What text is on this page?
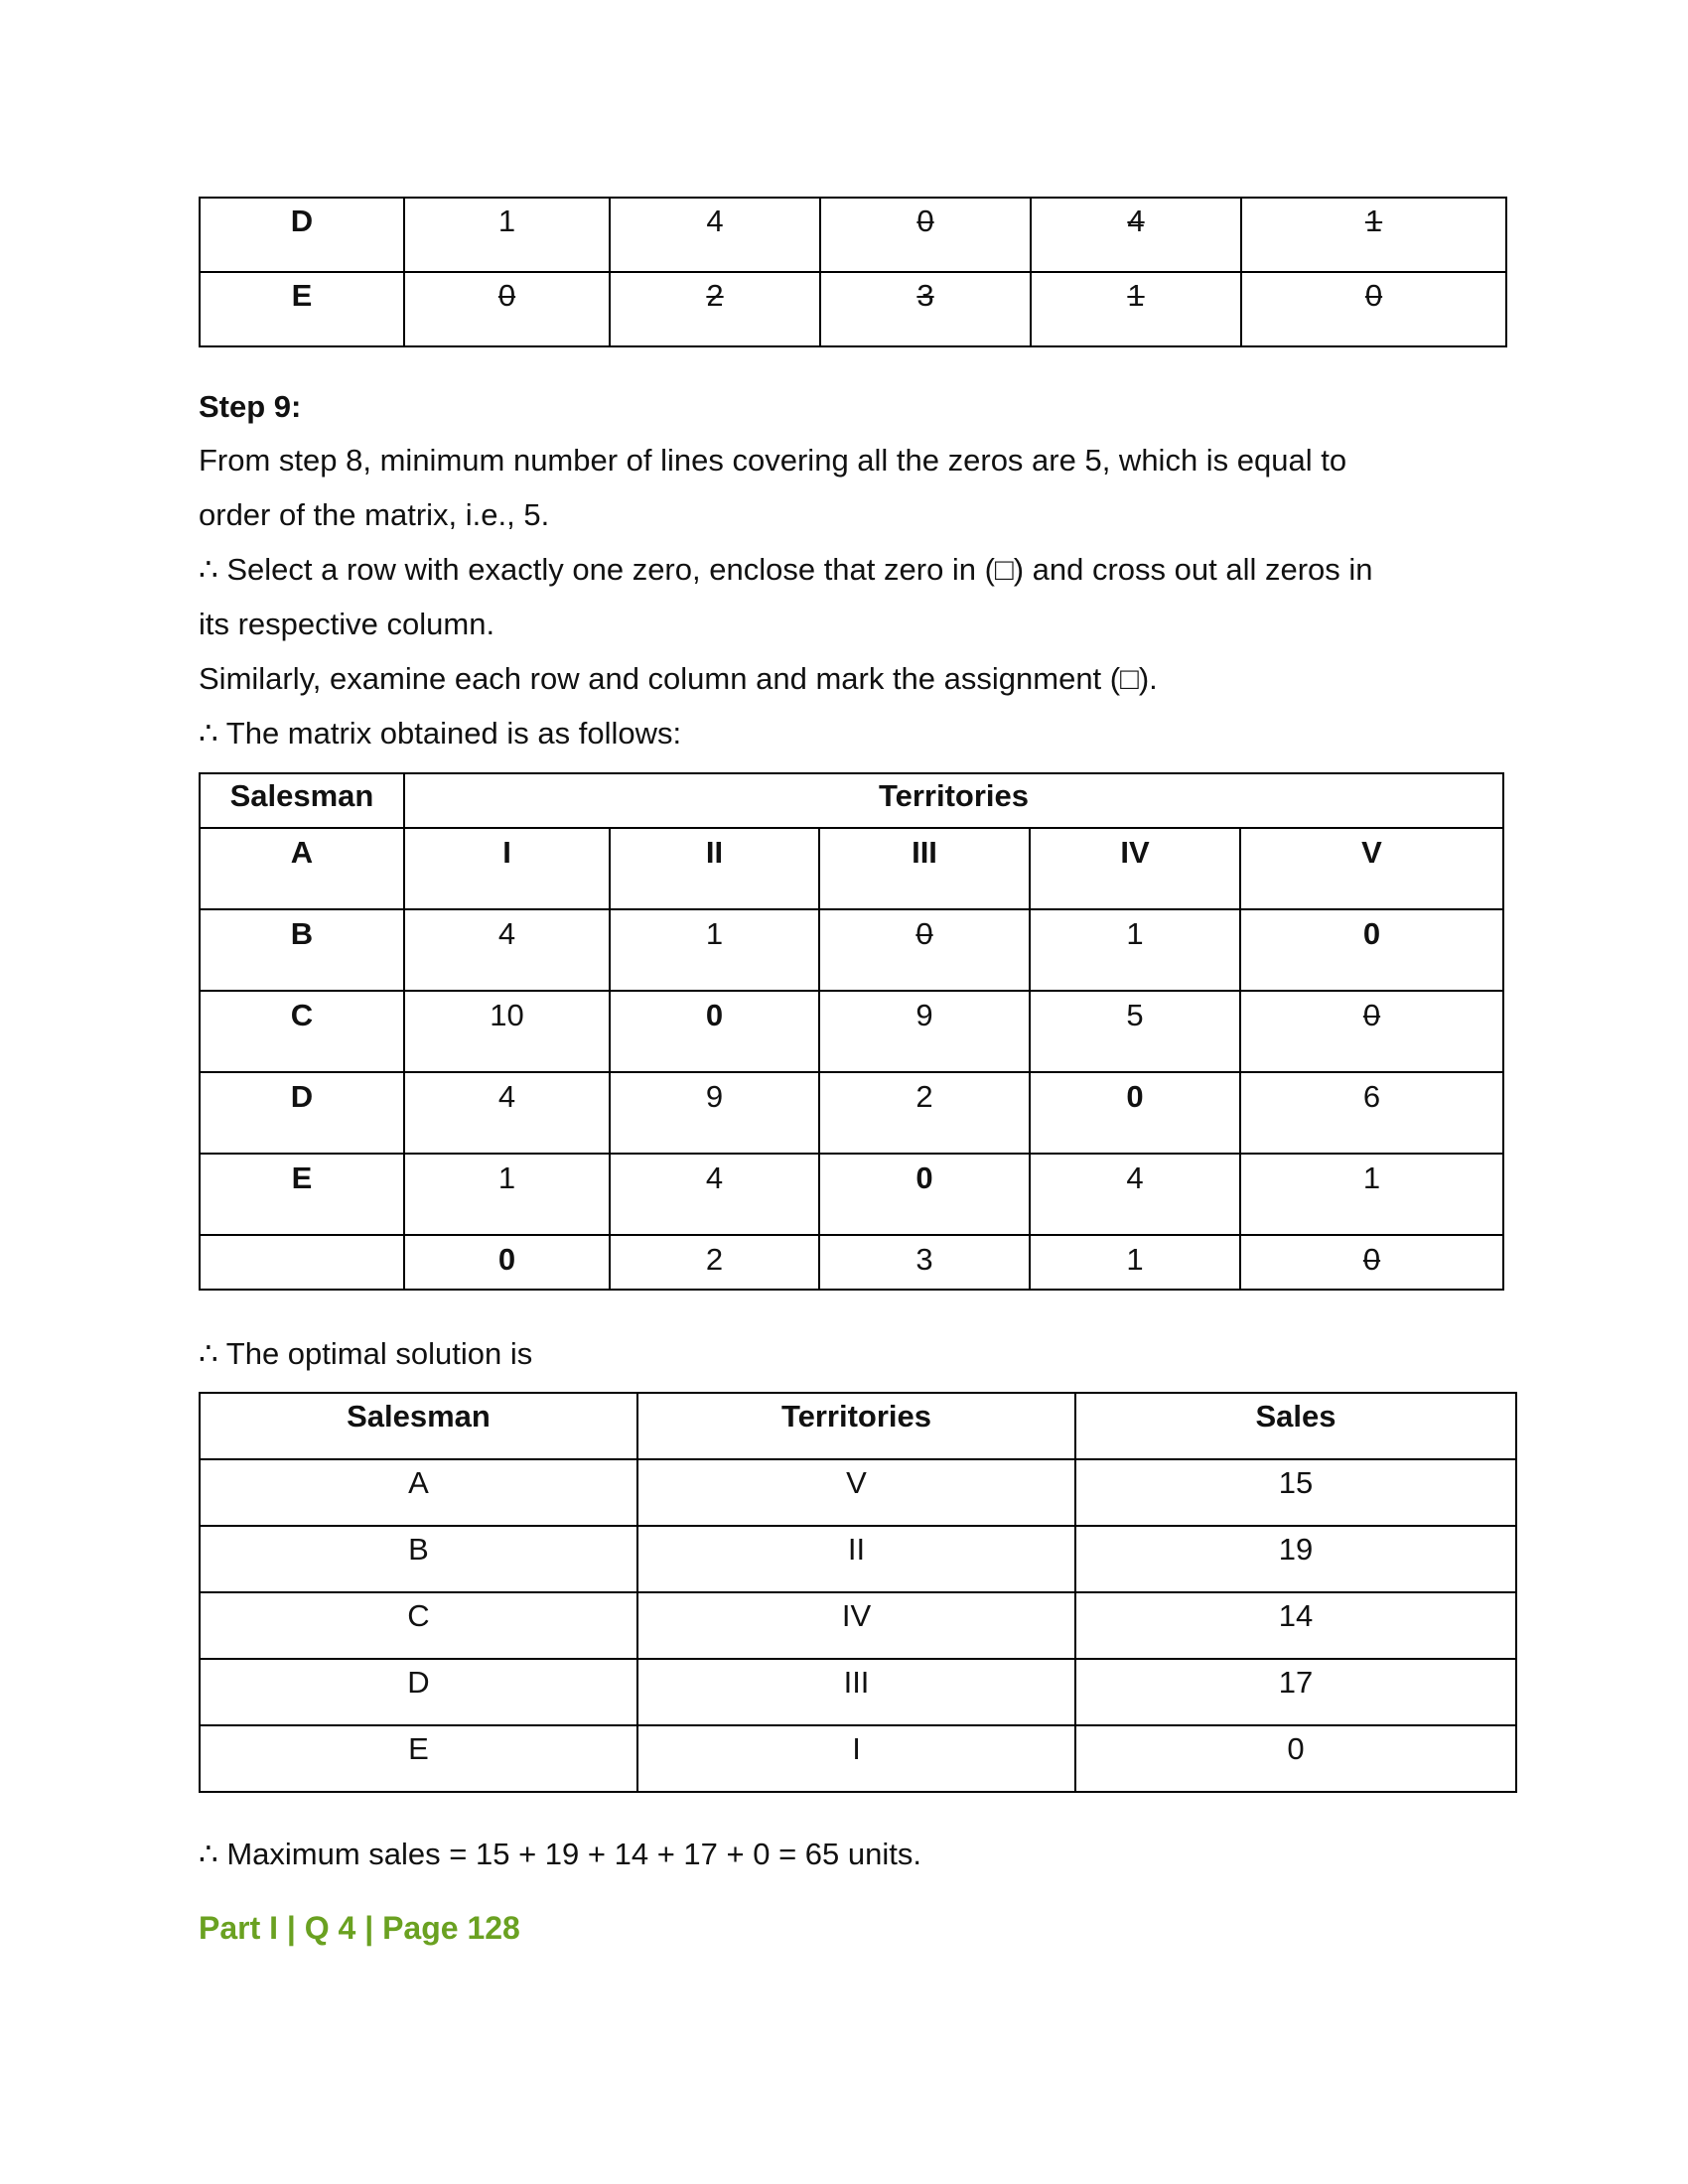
D	1	4	0	4	1

E	0	2	3	1	0

Step 9:

From step 8, minimum number of lines covering all the zeros are 5, which is equal to

order of the matrix, i.e., 5.

∴ Select a row with exactly one zero, enclose that zero in (□) and cross out all zeros in

its respective column.

Similarly, examine each row and column and mark the assignment (□).

∴ The matrix obtained is as follows:

Salesman	Territories				

A	I	II	III	IV	V

B	4	1	0	1	0

C	10	0	9	5	0

D	4	9	2	0	6

E	1	4	0	4	1

	0	2	3	1	0

∴ The optimal solution is

Salesman	Territories	Sales

A	V	15

B	II	19

C	IV	14

D	III	17

E	I	0

∴ Maximum sales = 15 + 19 + 14 + 17 + 0 = 65 units.

Part I | Q 4 | Page 128
